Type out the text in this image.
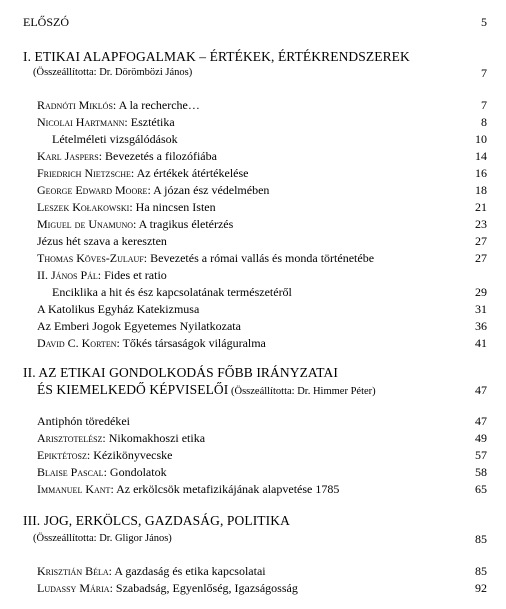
ELŐSZÓ	5
I. ETIKAI ALAPFOGALMAK – ÉRTÉKEK, ÉRTÉKRENDSZEREK
(Összeállította: Dr. Dörömbözi János)	7
Radnóti Miklós: A la recherche…	7
Nicolai Hartmann: Esztétika	8
Lételméleti vizsgálódások	10
Karl Jaspers: Bevezetés a filozófiába	14
Friedrich Nietzsche: Az értékek átértékelése	16
George Edward Moore: A józan ész védelmében	18
Leszek Kołakowski: Ha nincsen Isten	21
Miguel de Unamuno: A tragikus életérzés	23
Jézus hét szava a kereszten	27
Thomas Köves-Zulauf: Bevezetés a római vallás és monda történetébe	27
II. János Pál: Fides et ratio
Enciklika a hit és ész kapcsolatának természetéről	29
A Katolikus Egyház Katekizmusa	31
Az Emberi Jogok Egyetemes Nyilatkozata	36
David C. Korten: Tőkés társaságok világuralma	41
II. AZ ETIKAI GONDOLKODÁS FŐBB IRÁNYZATAI
ÉS KIEMELKEDŐ KÉPVISELŐI (Összeállította: Dr. Himmer Péter)	47
Antiphón töredékei	47
Arisztotelész: Nikomakhoszi etika	49
Epiktétosz: Kézikönyvecske	57
Blaise Pascal: Gondolatok	58
Immanuel Kant: Az erkölcsök metafizikájának alapvetése 1785	65
III. JOG, ERKÖLCS, GAZDASÁG, POLITIKA
(Összeállította: Dr. Gligor János)	85
Krisztián Béla: A gazdaság és etika kapcsolatai	85
Ludassy Mária: Szabadság, Egyenlőség, Igazságosság	92
